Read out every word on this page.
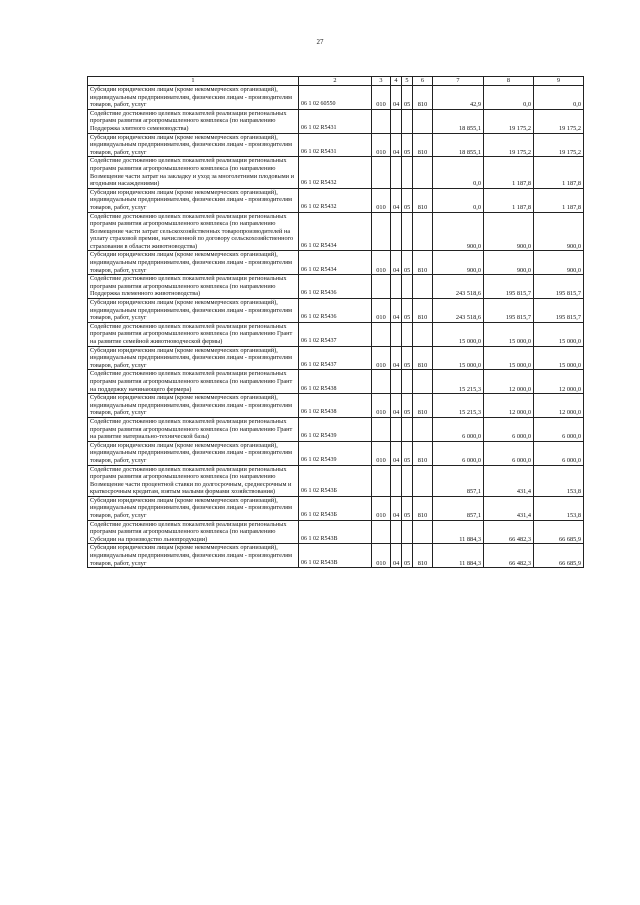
27
1	2	3	4	5	6	7	8	9
Субсидии юридическим лицам (кроме некоммерческих организаций), индивидуальным предпринимателям, физическим лицам - производителям товаров, работ, услуг	06 1 02 60550	010	04	05	810	42,9	0,0	0,0
Содействие достижению целевых показателей реализации региональных программ развития агропромышленного комплекса (по направлению Поддержка элитного семеноводства)	06 1 02 R5431					18 855,1	19 175,2	19 175,2
Субсидии юридическим лицам (кроме некоммерческих организаций), индивидуальным предпринимателям, физическим лицам - производителям товаров, работ, услуг	06 1 02 R5431	010	04	05	810	18 855,1	19 175,2	19 175,2
Содействие достижению целевых показателей реализации региональных программ развития агропромышленного комплекса (по направлению Возмещение части затрат на закладку и уход за многолетними плодовыми и ягодными насаждениями)	06 1 02 R5432					0,0	1 187,8	1 187,8
Субсидии юридическим лицам (кроме некоммерческих организаций), индивидуальным предпринимателям, физическим лицам - производителям товаров, работ, услуг	06 1 02 R5432	010	04	05	810	0,0	1 187,8	1 187,8
Содействие достижению целевых показателей реализации региональных программ развития агропромышленного комплекса (по направлению Возмещение части затрат сельскохозяйственных товаропроизводителей на уплату страховой премии, начисленной по договору сельскохозяйственного страхования в области животноводства)	06 1 02 R5434					900,0	900,0	900,0
Субсидии юридическим лицам (кроме некоммерческих организаций), индивидуальным предпринимателям, физическим лицам - производителям товаров, работ, услуг	06 1 02 R5434	010	04	05	810	900,0	900,0	900,0
Содействие достижению целевых показателей реализации региональных программ развития агропромышленного комплекса (по направлению Поддержка племенного животноводства)	06 1 02 R5436					243 518,6	195 815,7	195 815,7
Субсидии юридическим лицам (кроме некоммерческих организаций), индивидуальным предпринимателям, физическим лицам - производителям товаров, работ, услуг	06 1 02 R5436	010	04	05	810	243 518,6	195 815,7	195 815,7
Содействие достижению целевых показателей реализации региональных программ развития агропромышленного комплекса (по направлению Грант на развитие семейной животноводческой фермы)	06 1 02 R5437					15 000,0	15 000,0	15 000,0
Субсидии юридическим лицам (кроме некоммерческих организаций), индивидуальным предпринимателям, физическим лицам - производителям товаров, работ, услуг	06 1 02 R5437	010	04	05	810	15 000,0	15 000,0	15 000,0
Содействие достижению целевых показателей реализации региональных программ развития агропромышленного комплекса (по направлению Грант на поддержку начинающего фермера)	06 1 02 R5438					15 215,3	12 000,0	12 000,0
Субсидии юридическим лицам (кроме некоммерческих организаций), индивидуальным предпринимателям, физическим лицам - производителям товаров, работ, услуг	06 1 02 R5438	010	04	05	810	15 215,3	12 000,0	12 000,0
Содействие достижению целевых показателей реализации региональных программ развития агропромышленного комплекса (по направлению Грант на развитие материально-технической базы)	06 1 02 R5439					6 000,0	6 000,0	6 000,0
Субсидии юридическим лицам (кроме некоммерческих организаций), индивидуальным предпринимателям, физическим лицам - производителям товаров, работ, услуг	06 1 02 R5439	010	04	05	810	6 000,0	6 000,0	6 000,0
Содействие достижению целевых показателей реализации региональных программ развития агропромышленного комплекса (по направлению Возмещение части процентной ставки по долгосрочным, среднесрочным и краткосрочным кредитам, взятым малыми формами хозяйствования)	06 1 02 R543Б					857,1	431,4	153,8
Субсидии юридическим лицам (кроме некоммерческих организаций), индивидуальным предпринимателям, физическим лицам - производителям товаров, работ, услуг	06 1 02 R543Б	010	04	05	810	857,1	431,4	153,8
Содействие достижению целевых показателей реализации региональных программ развития агропромышленного комплекса (по направлению Субсидии на производство льнопродукции)	06 1 02 R543В					11 884,3	66 482,3	66 685,9
Субсидии юридическим лицам (кроме некоммерческих организаций), индивидуальным предпринимателям, физическим лицам - производителям товаров, работ, услуг	06 1 02 R543В	010	04	05	810	11 884,3	66 482,3	66 685,9
